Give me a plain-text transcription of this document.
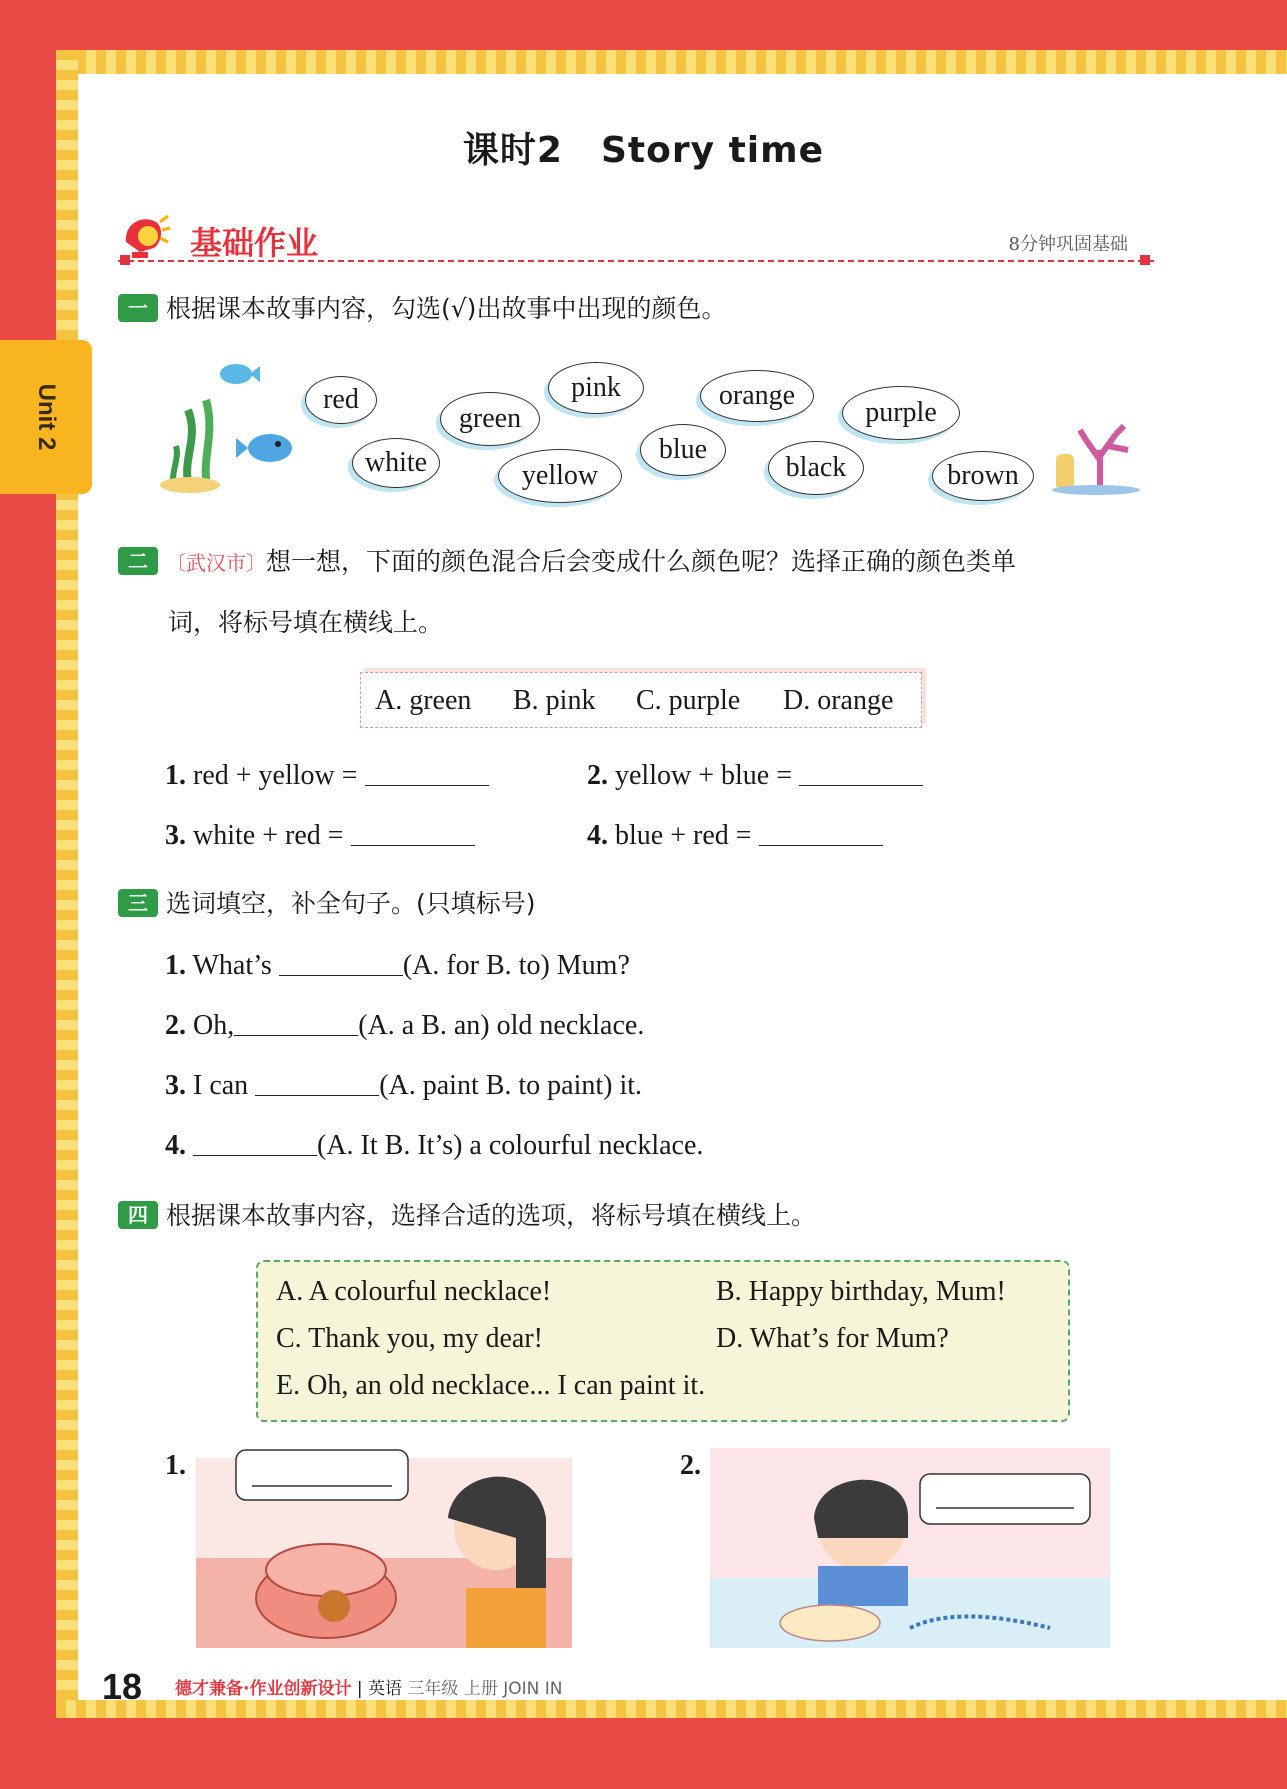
Unit 2
课时2 Story time
基础作业	8分钟巩固基础
一 根据课本故事内容，勾选(√)出故事中出现的颜色。
red
white
green
yellow
pink
blue
orange
black
purple
brown
二 〔武汉市〕想一想，下面的颜色混合后会变成什么颜色呢？选择正确的颜色类单
词，将标号填在横线上。
A. green B. pink C. purple D. orange
1. red + yellow =	2. yellow + blue =
3. white + red =	4. blue + red =
三 选词填空，补全句子。(只填标号)
1. What’s	(A. for B. to) Mum?
2. Oh,	(A. a B. an) old necklace.
3. I can	(A. paint B. to paint) it.
4.	(A. It B. It’s) a colourful necklace.
四 根据课本故事内容，选择合适的选项，将标号填在横线上。
A. A colourful necklace!	B. Happy birthday, Mum!
C. Thank you, my dear!	D. What’s for Mum?
E. Oh, an old necklace... I can paint it.
1.	2.
18 德才兼备·作业创新设计 | 英语 三年级 上册 JOIN IN
